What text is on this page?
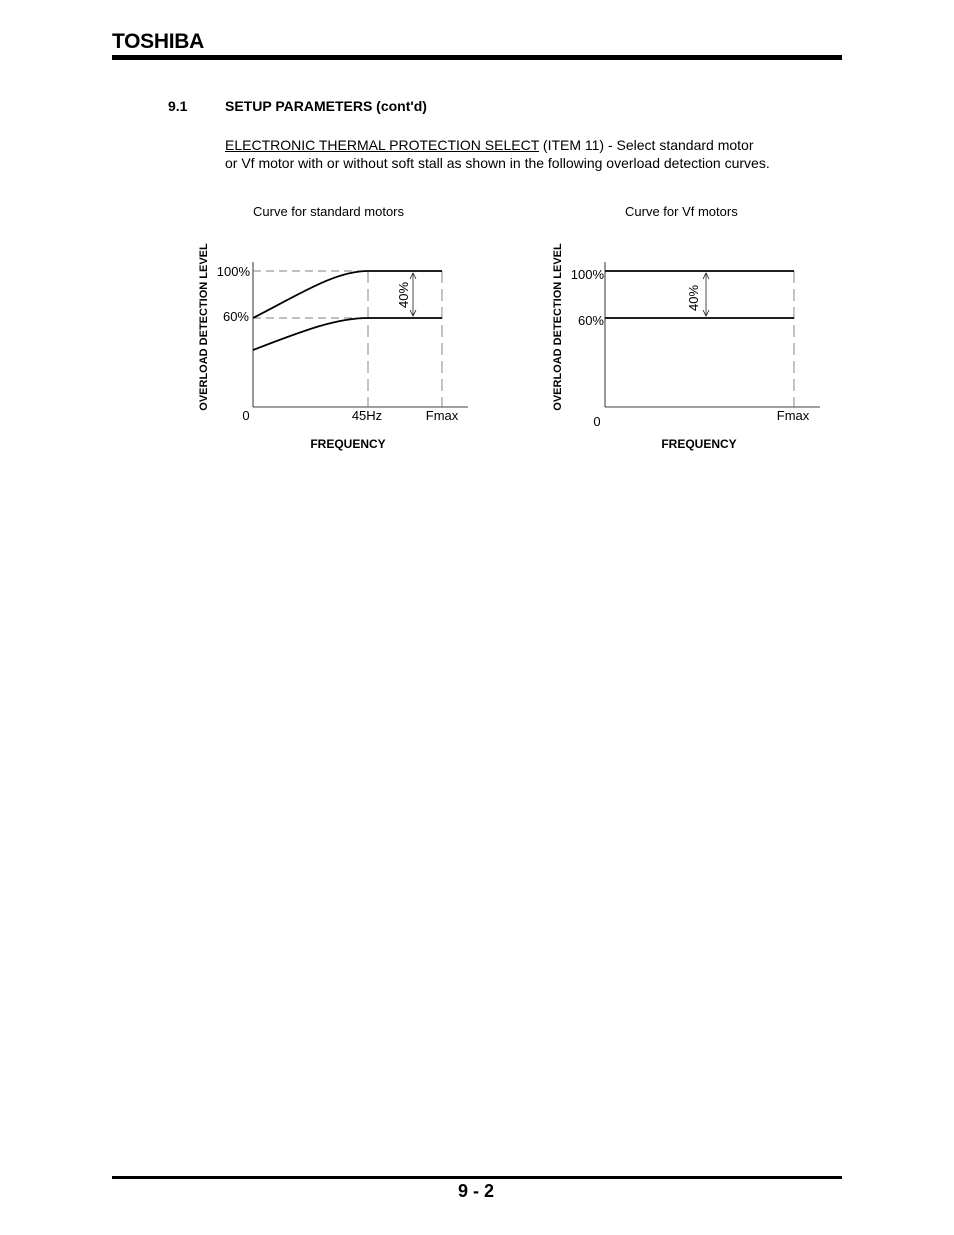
TOSHIBA
9.1	SETUP PARAMETERS (cont'd)
ELECTRONIC THERMAL PROTECTION SELECT (ITEM 11) - Select standard motor
or Vf motor with or without soft stall as shown in the following overload detection curves.
Curve for standard motors	Curve for Vf motors
OVERLOAD DETECTION LEVEL	40%
100%
60%
0	45Hz	Fmax
FREQUENCY
OVERLOAD DETECTION LEVEL	40%
100%
60%
0	Fmax
FREQUENCY
9 - 2
